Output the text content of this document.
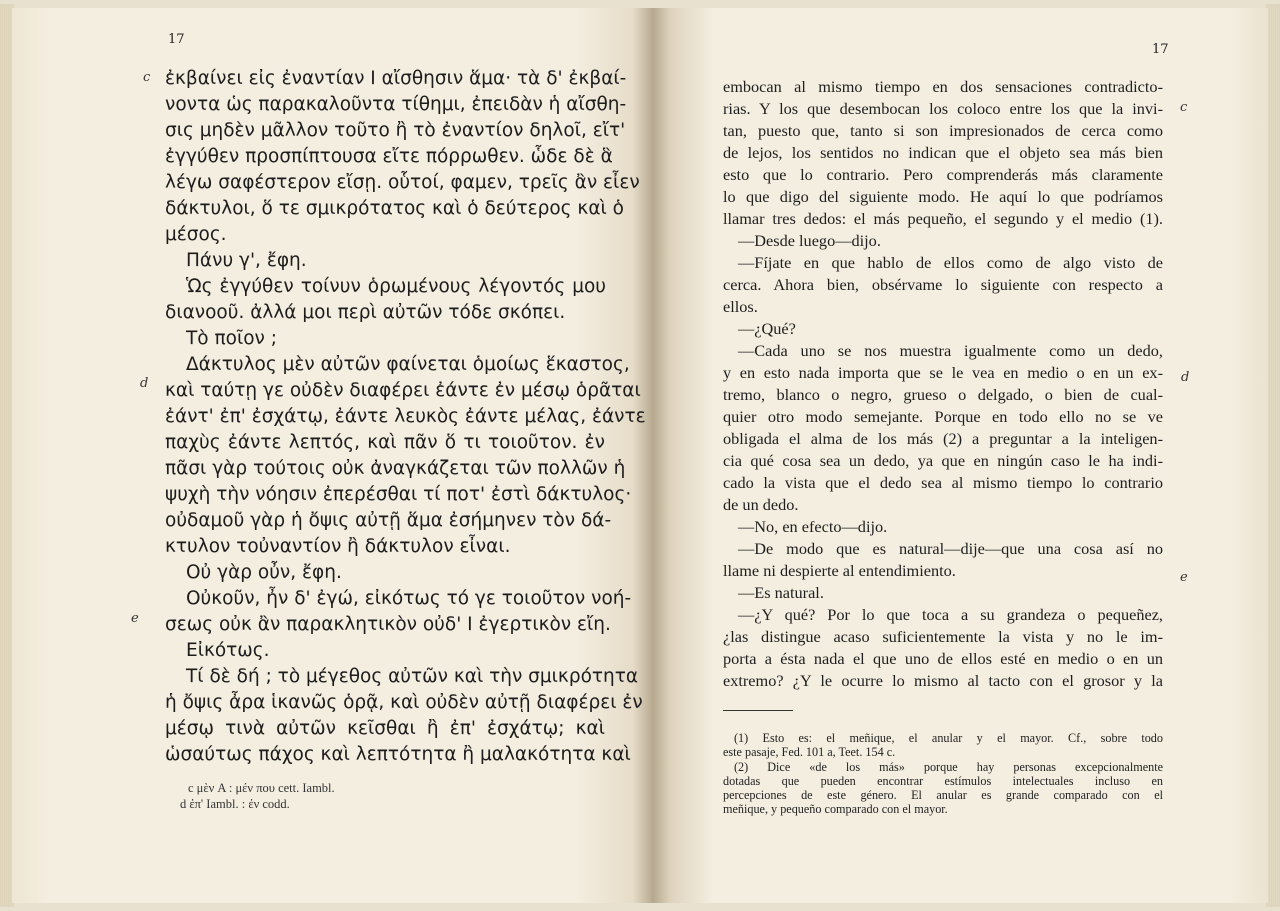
17
c
d
e
ἐκβαίνει εἰς ἐναντίαν Ι αἴσθησιν ἅμα· τὰ δ' ἐκβαί-
νοντα ὡς παρακαλοῦντα τίθημι, ἐπειδὰν ἡ αἴσθη-
σις μηδὲν μᾶλλον τοῦτο ἢ τὸ ἐναντίον δηλοῖ, εἴτ'
ἐγγύθεν προσπίπτουσα εἴτε πόρρωθεν. ὧδε δὲ ἃ
λέγω σαφέστερον εἴσῃ. οὗτοί, φαμεν, τρεῖς ἂν εἶεν
δάκτυλοι, ὅ τε σμικρότατος καὶ ὁ δεύτερος καὶ ὁ
μέσος.
Πάνυ γ', ἔφη.
Ὡς ἐγγύθεν τοίνυν ὁρωμένους λέγοντός μου
διανοοῦ. ἀλλά μοι περὶ αὐτῶν τόδε σκόπει.
Τὸ ποῖον ;
Δάκτυλος μὲν αὐτῶν φαίνεται ὁμοίως ἕκαστος,
καὶ ταύτῃ γε οὐδὲν διαφέρει ἐάντε ἐν μέσῳ ὁρᾶται
ἐάντ' ἐπ' ἐσχάτῳ, ἐάντε λευκὸς ἐάντε μέλας, ἐάντε
παχὺς ἐάντε λεπτός, καὶ πᾶν ὅ τι τοιοῦτον. ἐν
πᾶσι γὰρ τούτοις οὐκ ἀναγκάζεται τῶν πολλῶν ἡ
ψυχὴ τὴν νόησιν ἐπερέσθαι τί ποτ' ἐστὶ δάκτυλος·
οὐδαμοῦ γὰρ ἡ ὄψις αὐτῇ ἅμα ἐσήμηνεν τὸν δά-
κτυλον τοὐναντίον ἢ δάκτυλον εἶναι.
Οὐ γὰρ οὖν, ἔφη.
Οὐκοῦν, ἦν δ' ἐγώ, εἰκότως τό γε τοιοῦτον νοή-
σεως οὐκ ἂν παρακλητικὸν οὐδ' Ι ἐγερτικὸν εἴη.
Εἰκότως.
Τί δὲ δή ; τὸ μέγεθος αὐτῶν καὶ τὴν σμικρότητα
ἡ ὄψις ἆρα ἱκανῶς ὁρᾷ, καὶ οὐδὲν αὐτῇ διαφέρει ἐν
μέσῳ τινὰ αὐτῶν κεῖσθαι ἢ ἐπ' ἐσχάτῳ; καὶ
ὡσαύτως πάχος καὶ λεπτότητα ἢ μαλακότητα καὶ
c μὲν A : μέν που cett. Iambl.
d ἐπ' Iambl. : ἐν codd.
17
c
d
e
embocan al mismo tiempo en dos sensaciones contradicto-
rias. Y los que desembocan los coloco entre los que la invi-
tan, puesto que, tanto si son impresionados de cerca como
de lejos, los sentidos no indican que el objeto sea más bien
esto que lo contrario. Pero comprenderás más claramente
lo que digo del siguiente modo. He aquí lo que podríamos
llamar tres dedos: el más pequeño, el segundo y el medio (1).
—Desde luego—dijo.
—Fíjate en que hablo de ellos como de algo visto de
cerca. Ahora bien, obsérvame lo siguiente con respecto a
ellos.
—¿Qué?
—Cada uno se nos muestra igualmente como un dedo,
y en esto nada importa que se le vea en medio o en un ex-
tremo, blanco o negro, grueso o delgado, o bien de cual-
quier otro modo semejante. Porque en todo ello no se ve
obligada el alma de los más (2) a preguntar a la inteligen-
cia qué cosa sea un dedo, ya que en ningún caso le ha indi-
cado la vista que el dedo sea al mismo tiempo lo contrario
de un dedo.
—No, en efecto—dijo.
—De modo que es natural—dije—que una cosa así no
llame ni despierte al entendimiento.
—Es natural.
—¿Y qué? Por lo que toca a su grandeza o pequeñez,
¿las distingue acaso suficientemente la vista y no le im-
porta a ésta nada el que uno de ellos esté en medio o en un
extremo? ¿Y le ocurre lo mismo al tacto con el grosor y la
(1) Esto es: el meñique, el anular y el mayor. Cf., sobre todo
este pasaje, Fed. 101 a, Teet. 154 c.
(2) Dice «de los más» porque hay personas excepcionalmente
dotadas que pueden encontrar estímulos intelectuales incluso en
percepciones de este género. El anular es grande comparado con el
meñique, y pequeño comparado con el mayor.
